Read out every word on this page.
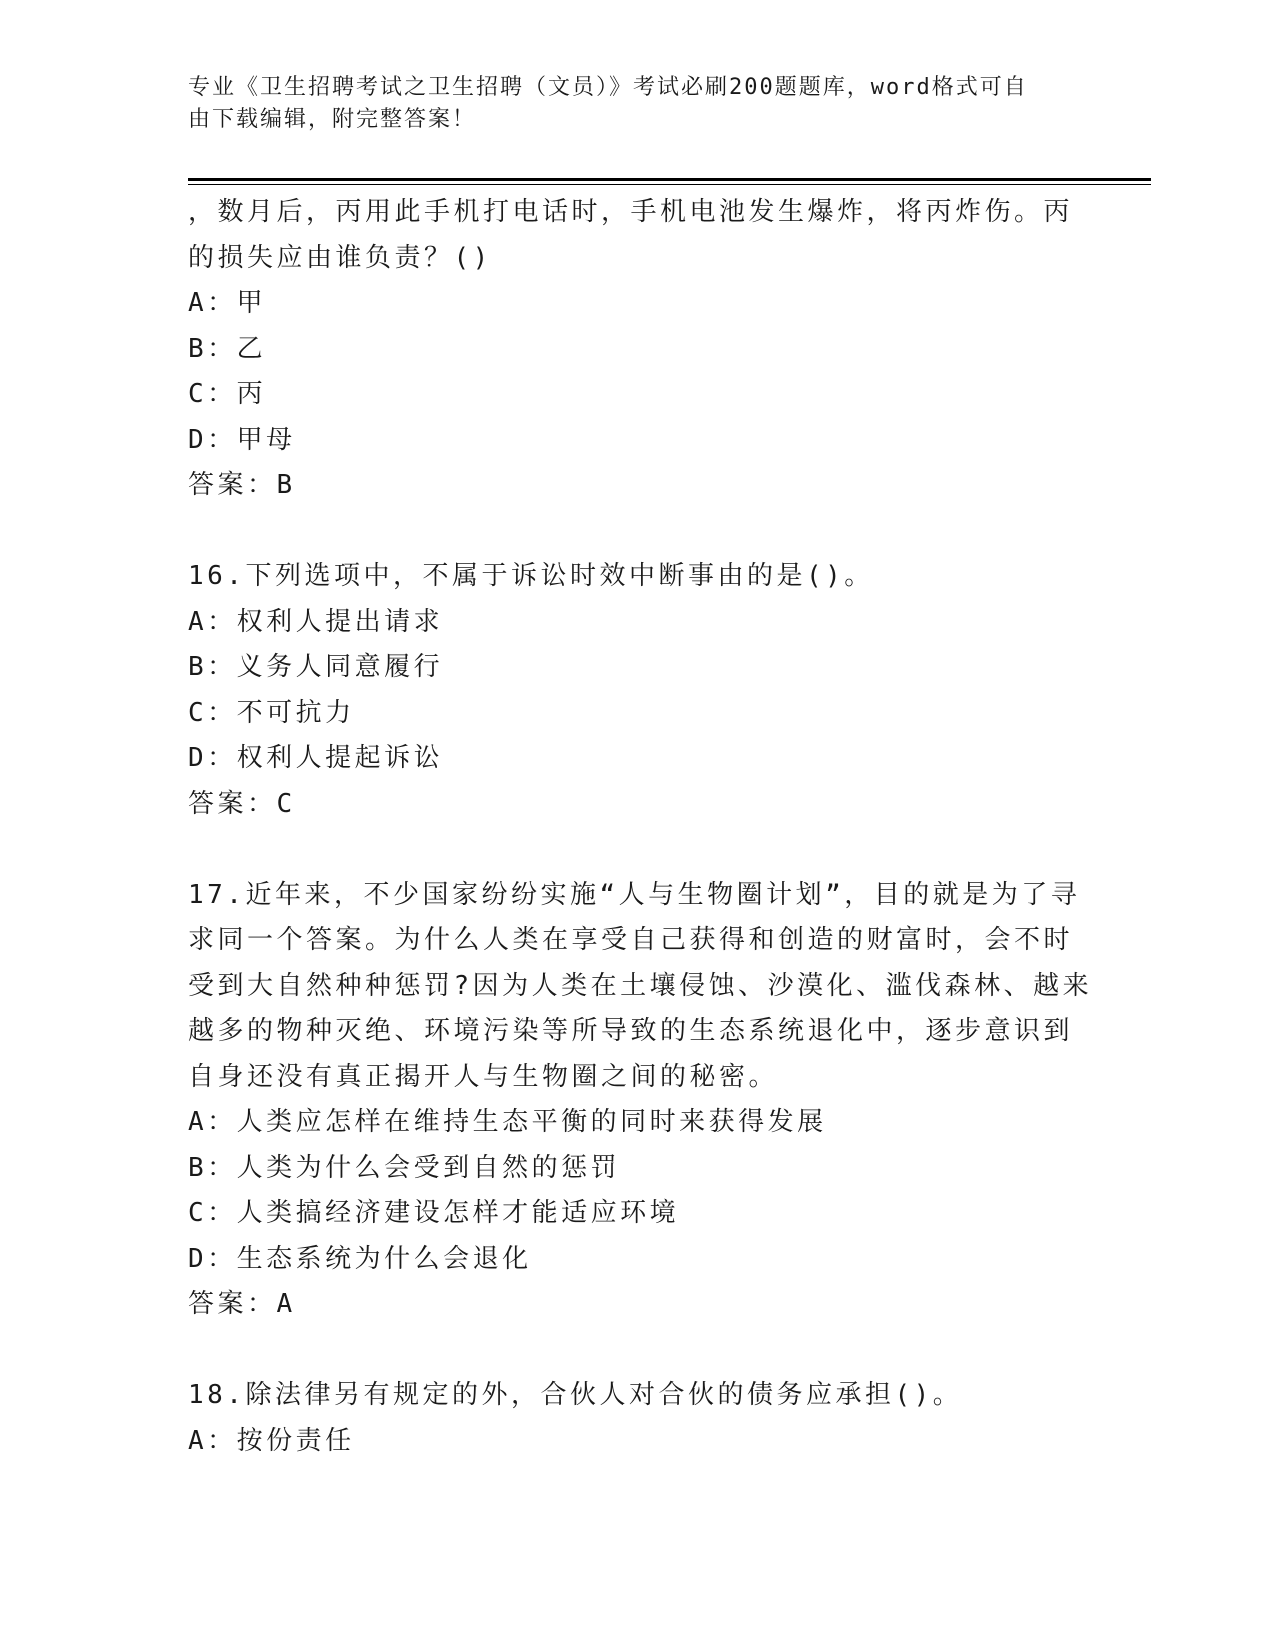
专业《卫生招聘考试之卫生招聘（文员）》考试必刷200题题库，word格式可自
由下载编辑，附完整答案！
，数月后，丙用此手机打电话时，手机电池发生爆炸，将丙炸伤。丙
的损失应由谁负责？()
A：甲
B：乙
C：丙
D：甲母
答案：B
16.下列选项中，不属于诉讼时效中断事由的是()。
A：权利人提出请求
B：义务人同意履行
C：不可抗力
D：权利人提起诉讼
答案：C
17.近年来，不少国家纷纷实施“人与生物圈计划”，目的就是为了寻
求同一个答案。为什么人类在享受自己获得和创造的财富时，会不时
受到大自然种种惩罚?因为人类在土壤侵蚀、沙漠化、滥伐森林、越来
越多的物种灭绝、环境污染等所导致的生态系统退化中，逐步意识到
自身还没有真正揭开人与生物圈之间的秘密。
A：人类应怎样在维持生态平衡的同时来获得发展
B：人类为什么会受到自然的惩罚
C：人类搞经济建设怎样才能适应环境
D：生态系统为什么会退化
答案：A
18.除法律另有规定的外，合伙人对合伙的债务应承担()。
A：按份责任
